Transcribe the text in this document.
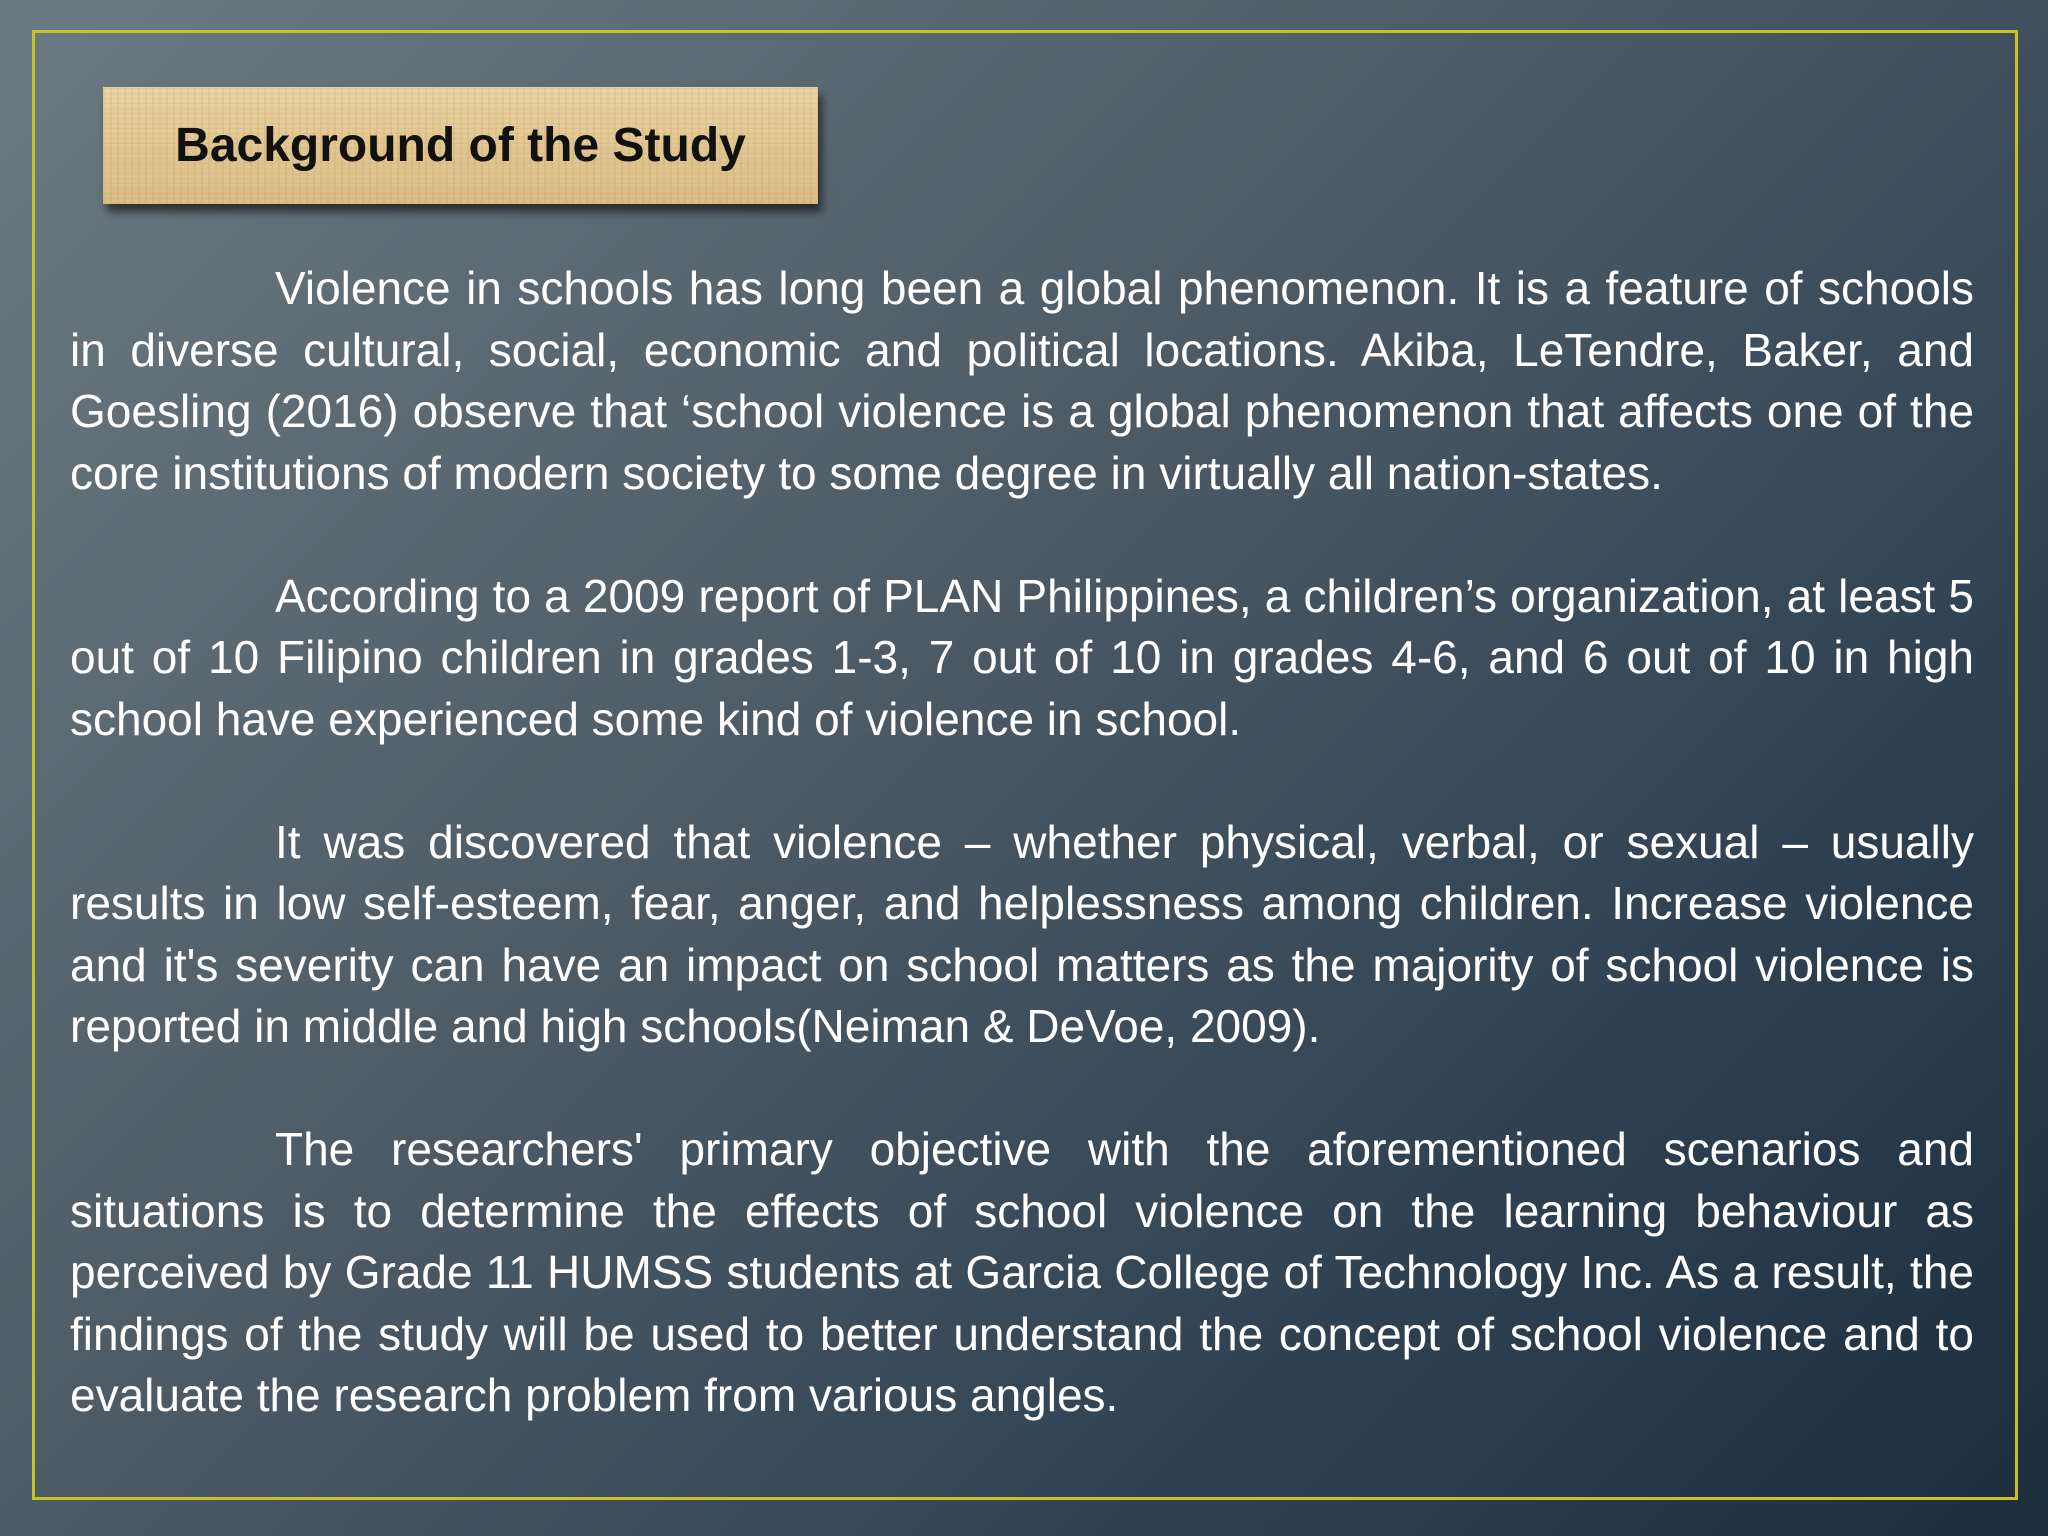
Background of the Study

Violence in schools has long been a global phenomenon. It is a feature of schools in diverse cultural, social, economic and political locations. Akiba, LeTendre, Baker, and Goesling (2016) observe that ‘school violence is a global phenomenon that affects one of the core institutions of modern society to some degree in virtually all nation-states.

According to a 2009 report of PLAN Philippines, a children’s organization, at least 5 out of 10 Filipino children in grades 1-3, 7 out of 10 in grades 4-6, and 6 out of 10 in high school have experienced some kind of violence in school.

It was discovered that violence – whether physical, verbal, or sexual – usually results in low self-esteem, fear, anger, and helplessness among children. Increase violence and it's severity can have an impact on school matters as the majority of school violence is reported in middle and high schools(Neiman & DeVoe, 2009).

The researchers' primary objective with the aforementioned scenarios and situations is to determine the effects of school violence on the learning behaviour as perceived by Grade 11 HUMSS students at Garcia College of Technology Inc. As a result, the findings of the study will be used to better understand the concept of school violence and to evaluate the research problem from various angles.
